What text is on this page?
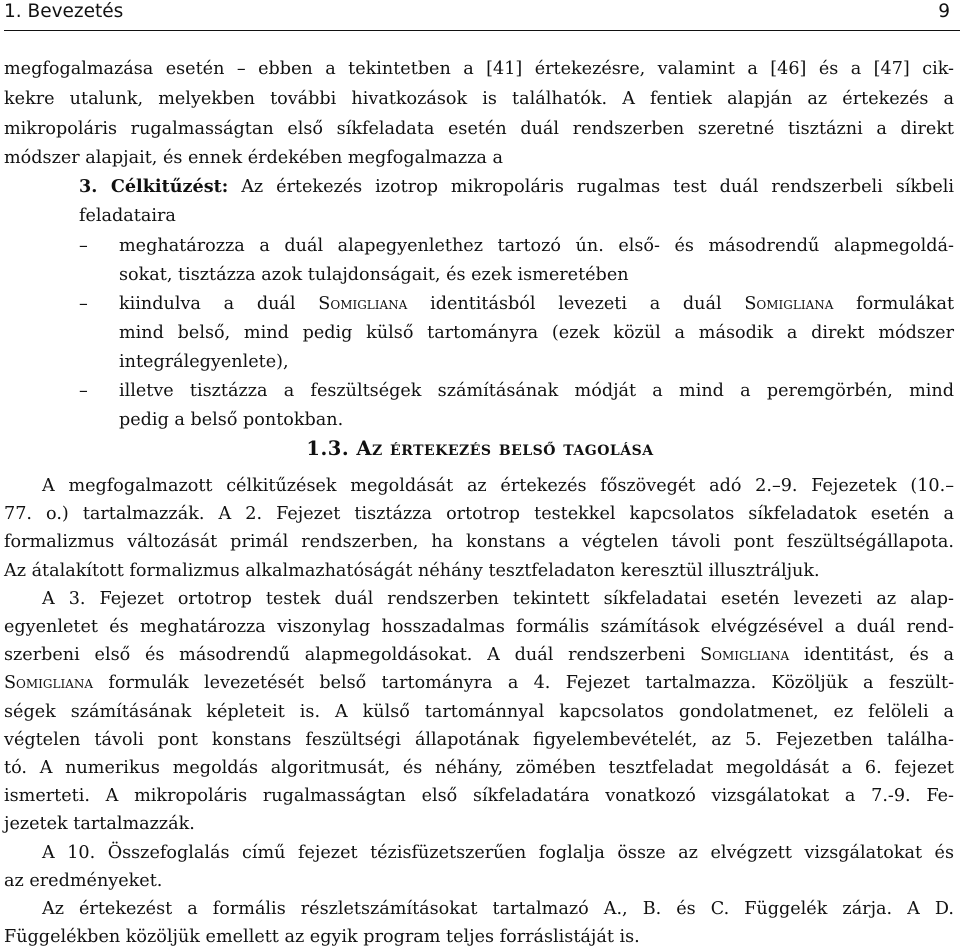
1. Bevezetés	9
megfogalmazása esetén – ebben a tekintetben a [41] értekezésre, valamint a [46] és a [47] cik-
kekre utalunk, melyekben további hivatkozások is találhatók. A fentiek alapján az értekezés a
mikropoláris rugalmasságtan első síkfeladata esetén duál rendszerben szeretné tisztázni a direkt
módszer alapjait, és ennek érdekében megfogalmazza a
3. Célkitűzést: Az értekezés izotrop mikropoláris rugalmas test duál rendszerbeli síkbeli
feladataira
– meghatározza a duál alapegyenlethez tartozó ún. első- és másodrendű alapmegoldá-
sokat, tisztázza azok tulajdonságait, és ezek ismeretében
– kiindulva a duál Somigliana identitásból levezeti a duál Somigliana formulákat
mind belső, mind pedig külső tartományra (ezek közül a második a direkt módszer
integrálegyenlete),
– illetve tisztázza a feszültségek számításának módját a mind a peremgörbén, mind
pedig a belső pontokban.
1.3. Az értekezés belső tagolása
A megfogalmazott célkitűzések megoldását az értekezés főszövegét adó 2.–9. Fejezetek (10.–
77. o.) tartalmazzák. A 2. Fejezet tisztázza ortotrop testekkel kapcsolatos síkfeladatok esetén a
formalizmus változását primál rendszerben, ha konstans a végtelen távoli pont feszültségállapota.
Az átalakított formalizmus alkalmazhatóságát néhány tesztfeladaton keresztül illusztráljuk.
A 3. Fejezet ortotrop testek duál rendszerben tekintett síkfeladatai esetén levezeti az alap-
egyenletet és meghatározza viszonylag hosszadalmas formális számítások elvégzésével a duál rend-
szerbeni első és másodrendű alapmegoldásokat. A duál rendszerbeni Somigliana identitást, és a
Somigliana formulák levezetését belső tartományra a 4. Fejezet tartalmazza. Közöljük a feszült-
ségek számításának képleteit is. A külső tartománnyal kapcsolatos gondolatmenet, ez felöleli a
végtelen távoli pont konstans feszültségi állapotának figyelembevételét, az 5. Fejezetben találha-
tó. A numerikus megoldás algoritmusát, és néhány, zömében tesztfeladat megoldását a 6. fejezet
ismerteti. A mikropoláris rugalmasságtan első síkfeladatára vonatkozó vizsgálatokat a 7.-9. Fe-
jezetek tartalmazzák.
A 10. Összefoglalás című fejezet tézisfüzetszerűen foglalja össze az elvégzett vizsgálatokat és
az eredményeket.
Az értekezést a formális részletszámításokat tartalmazó A., B. és C. Függelék zárja. A D.
Függelékben közöljük emellett az egyik program teljes forráslistáját is.
